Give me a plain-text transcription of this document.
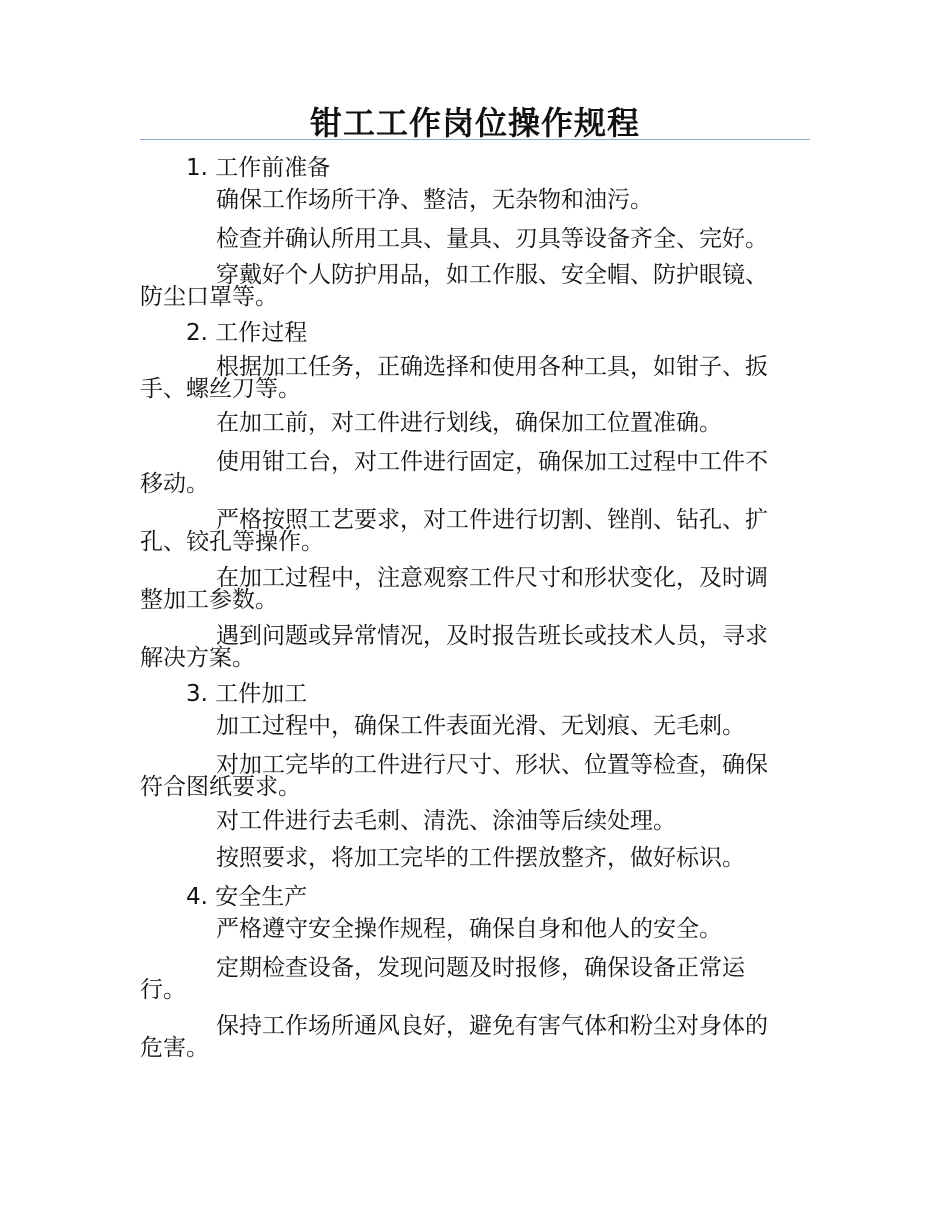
钳工工作岗位操作规程
1. 工作前准备
确保工作场所干净、整洁，无杂物和油污。
检查并确认所用工具、量具、刃具等设备齐全、完好。
穿戴好个人防护用品，如工作服、安全帽、防护眼镜、防尘口罩等。
2. 工作过程
根据加工任务，正确选择和使用各种工具，如钳子、扳手、螺丝刀等。
在加工前，对工件进行划线，确保加工位置准确。
使用钳工台，对工件进行固定，确保加工过程中工件不移动。
严格按照工艺要求，对工件进行切割、锉削、钻孔、扩孔、铰孔等操作。
在加工过程中，注意观察工件尺寸和形状变化，及时调整加工参数。
遇到问题或异常情况，及时报告班长或技术人员，寻求解决方案。
3. 工件加工
加工过程中，确保工件表面光滑、无划痕、无毛刺。
对加工完毕的工件进行尺寸、形状、位置等检查，确保符合图纸要求。
对工件进行去毛刺、清洗、涂油等后续处理。
按照要求，将加工完毕的工件摆放整齐，做好标识。
4. 安全生产
严格遵守安全操作规程，确保自身和他人的安全。
定期检查设备，发现问题及时报修，确保设备正常运行。
保持工作场所通风良好，避免有害气体和粉尘对身体的危害。
